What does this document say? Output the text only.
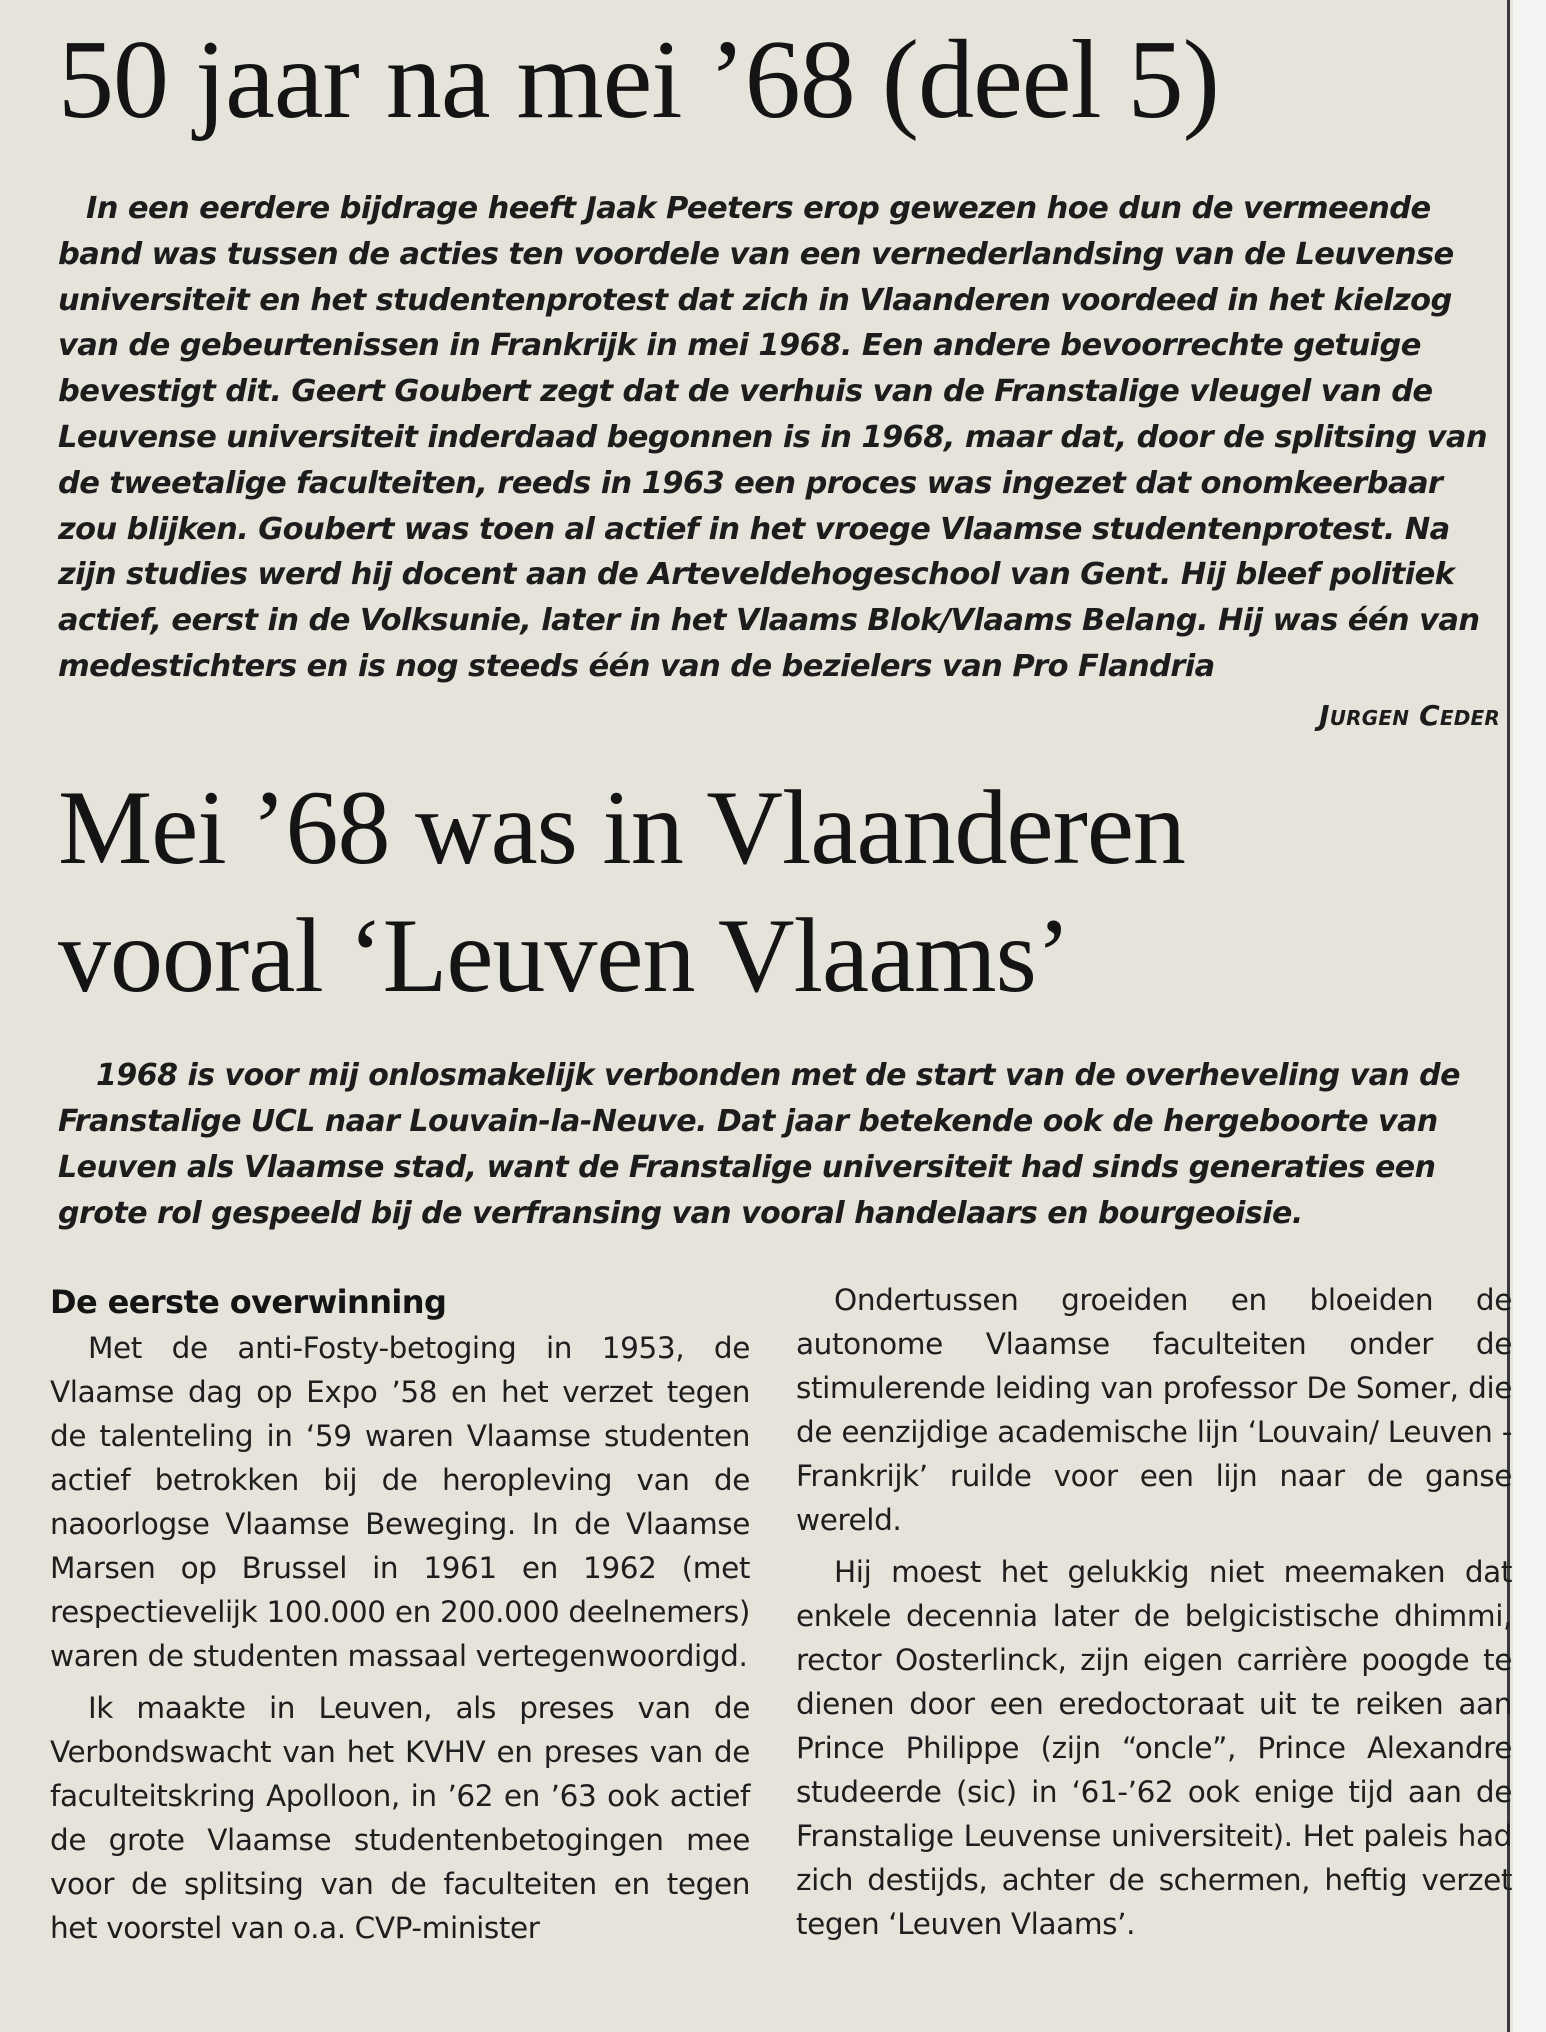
50 jaar na mei ’68 (deel 5)

In een eerdere bijdrage heeft Jaak Peeters erop gewezen hoe dun de vermeende band was tussen de acties ten voordele van een vernederlandsing van de Leuvense universiteit en het studentenprotest dat zich in Vlaanderen voordeed in het kielzog van de gebeurtenissen in Frankrijk in mei 1968. Een andere bevoorrechte getuige bevestigt dit. Geert Goubert zegt dat de verhuis van de Franstalige vleugel van de Leuvense universiteit inderdaad begonnen is in 1968, maar dat, door de splitsing van de tweetalige faculteiten, reeds in 1963 een proces was ingezet dat onomkeerbaar zou blijken. Goubert was toen al actief in het vroege Vlaamse studentenprotest. Na zijn studies werd hij docent aan de Arteveldehogeschool van Gent. Hij bleef politiek actief, eerst in de Volksunie, later in het Vlaams Blok/Vlaams Belang. Hij was één van medestichters en is nog steeds één van de bezielers van Pro Flandria

Jurgen Ceder
Mei ’68 was in Vlaanderen
vooral ‘Leuven Vlaams’

1968 is voor mij onlosmakelijk verbonden met de start van de overheveling van de Franstalige UCL naar Louvain-la-Neuve. Dat jaar betekende ook de hergeboorte van Leuven als Vlaamse stad, want de Franstalige universiteit had sinds generaties een grote rol gespeeld bij de verfransing van vooral handelaars en bourgeoisie.

De eerste overwinning

Met de anti-Fosty-betoging in 1953, de Vlaamse dag op Expo ’58 en het verzet tegen de talenteling in ‘59 waren Vlaamse studenten actief betrokken bij de heropleving van de naoorlogse Vlaamse Beweging. In de Vlaamse Marsen op Brussel in 1961 en 1962 (met respectievelijk 100.000 en 200.000 deelnemers) waren de studenten massaal vertegenwoordigd.

Ik maakte in Leuven, als preses van de Verbondswacht van het KVHV en preses van de faculteitskring Apolloon, in ’62 en ’63 ook actief de grote Vlaamse studentenbetogingen mee voor de splitsing van de faculteiten en tegen het voorstel van o.a. CVP-minister

Ondertussen groeiden en bloeiden de autonome Vlaamse faculteiten onder de stimulerende leiding van professor De Somer, die de eenzijdige academische lijn ‘Louvain/ Leuven - Frankrijk’ ruilde voor een lijn naar de ganse wereld.

Hij moest het gelukkig niet meemaken dat enkele decennia later de belgicistische dhimmi, rector Oosterlinck, zijn eigen carrière poogde te dienen door een eredoctoraat uit te reiken aan Prince Philippe (zijn “oncle”, Prince Alexandre studeerde (sic) in ‘61-’62 ook enige tijd aan de Franstalige Leuvense universiteit). Het paleis had zich destijds, achter de schermen, heftig verzet tegen ‘Leuven Vlaams’.
